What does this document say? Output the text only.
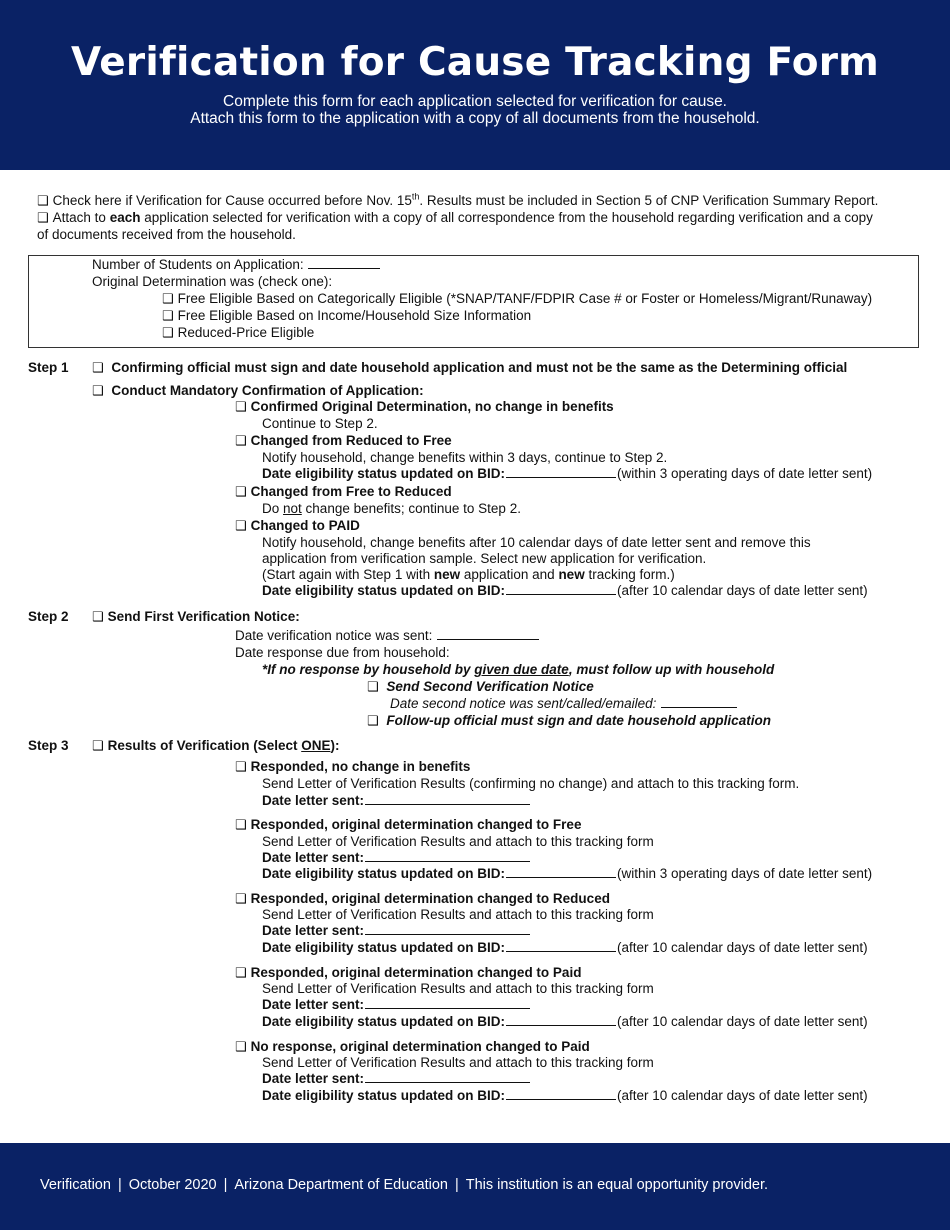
Verification for Cause Tracking Form
Complete this form for each application selected for verification for cause.
Attach this form to the application with a copy of all documents from the household.
❑ Check here if Verification for Cause occurred before Nov. 15th. Results must be included in Section 5 of CNP Verification Summary Report.
❑ Attach to each application selected for verification with a copy of all correspondence from the household regarding verification and a copy
of documents received from the household.
Number of Students on Application:
Original Determination was (check one):
❑ Free Eligible Based on Categorically Eligible (*SNAP/TANF/FDPIR Case # or Foster or Homeless/Migrant/Runaway)
❑ Free Eligible Based on Income/Household Size Information
❑ Reduced-Price Eligible
Step 1 ❑ Confirming official must sign and date household application and must not be the same as the Determining official
❑ Conduct Mandatory Confirmation of Application:
❑ Confirmed Original Determination, no change in benefits
Continue to Step 2.
❑ Changed from Reduced to Free
Notify household, change benefits within 3 days, continue to Step 2.
Date eligibility status updated on BID:	(within 3 operating days of date letter sent)
❑ Changed from Free to Reduced
Do not change benefits; continue to Step 2.
❑ Changed to PAID
Notify household, change benefits after 10 calendar days of date letter sent and remove this
application from verification sample. Select new application for verification.
(Start again with Step 1 with new application and new tracking form.)
Date eligibility status updated on BID:	(after 10 calendar days of date letter sent)
Step 2 ❑ Send First Verification Notice:
Date verification notice was sent:
Date response due from household:
*If no response by household by given due date, must follow up with household
❑ Send Second Verification Notice
Date second notice was sent/called/emailed:
❑ Follow-up official must sign and date household application
Step 3 ❑ Results of Verification (Select ONE):
❑ Responded, no change in benefits
Send Letter of Verification Results (confirming no change) and attach to this tracking form.
Date letter sent:
❑ Responded, original determination changed to Free
Send Letter of Verification Results and attach to this tracking form
Date letter sent:
Date eligibility status updated on BID:	(within 3 operating days of date letter sent)
❑ Responded, original determination changed to Reduced
Send Letter of Verification Results and attach to this tracking form
Date letter sent:
Date eligibility status updated on BID:	(after 10 calendar days of date letter sent)
❑ Responded, original determination changed to Paid
Send Letter of Verification Results and attach to this tracking form
Date letter sent:
Date eligibility status updated on BID:	(after 10 calendar days of date letter sent)
❑ No response, original determination changed to Paid
Send Letter of Verification Results and attach to this tracking form
Date letter sent:
Date eligibility status updated on BID:	(after 10 calendar days of date letter sent)
Verification | October 2020 | Arizona Department of Education | This institution is an equal opportunity provider.
